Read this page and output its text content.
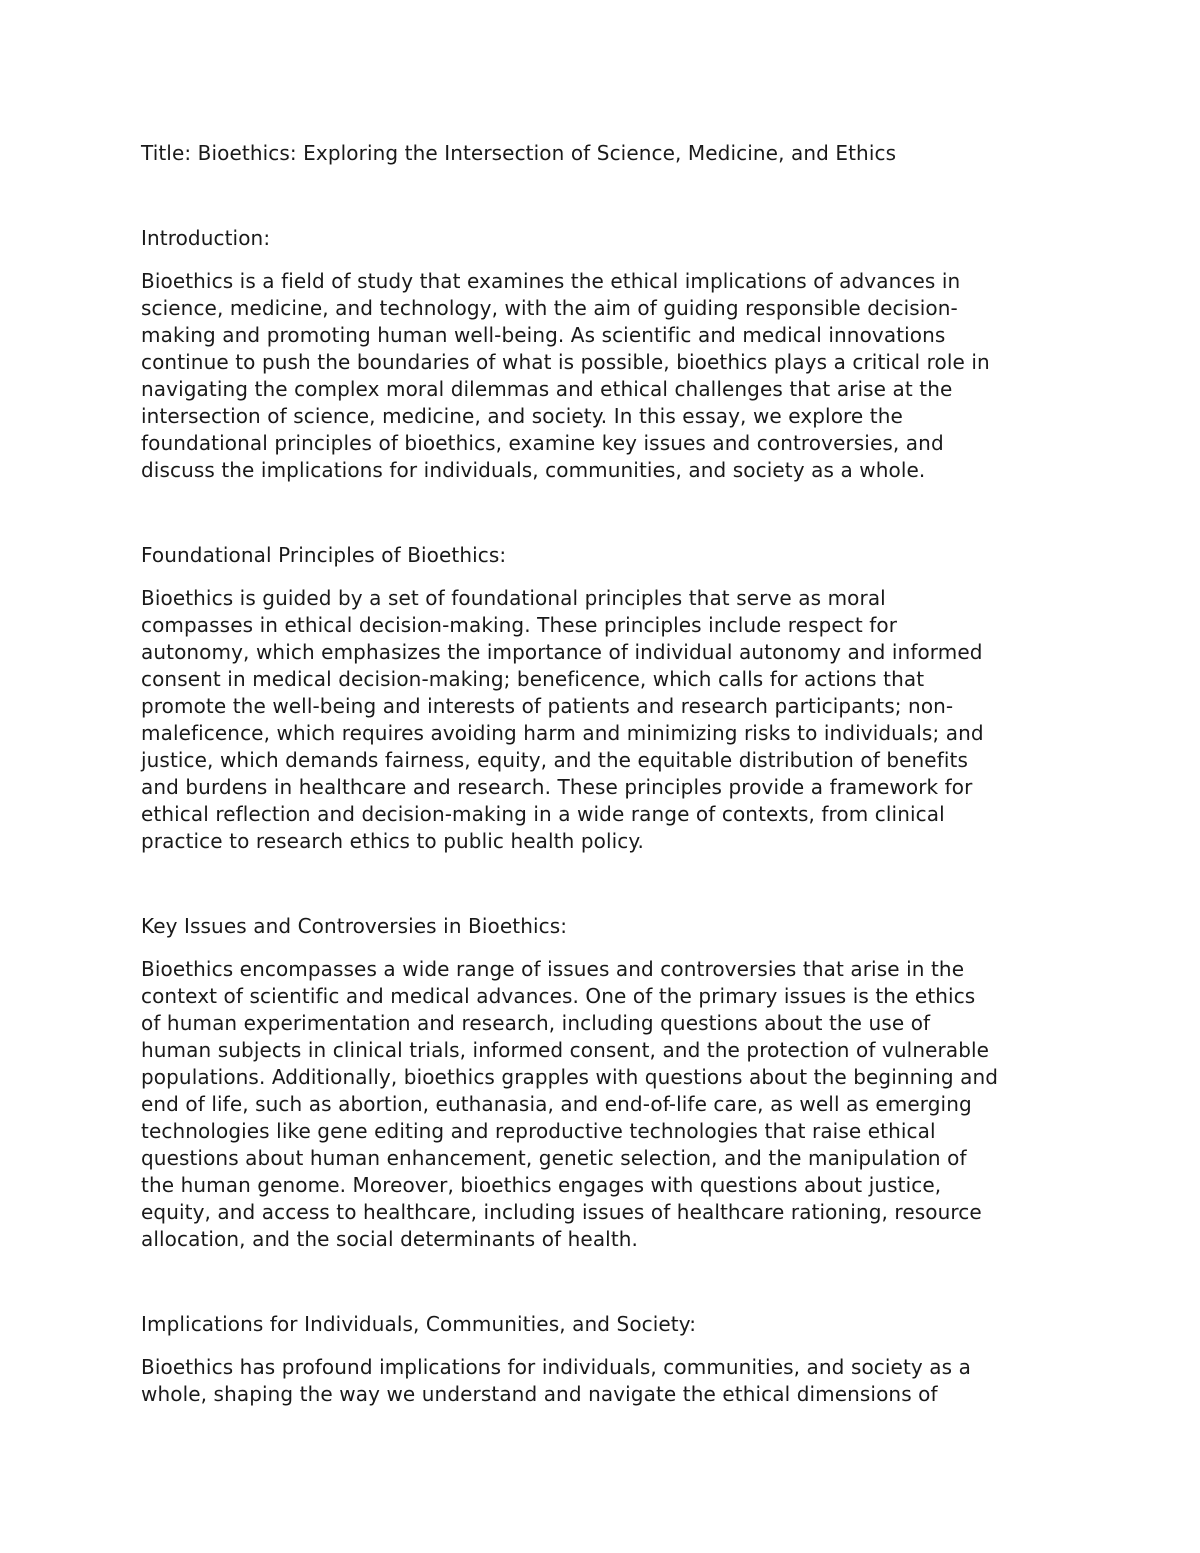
Title: Bioethics: Exploring the Intersection of Science, Medicine, and Ethics
Introduction:
Bioethics is a field of study that examines the ethical implications of advances in
science, medicine, and technology, with the aim of guiding responsible decision-
making and promoting human well-being. As scientific and medical innovations
continue to push the boundaries of what is possible, bioethics plays a critical role in
navigating the complex moral dilemmas and ethical challenges that arise at the
intersection of science, medicine, and society. In this essay, we explore the
foundational principles of bioethics, examine key issues and controversies, and
discuss the implications for individuals, communities, and society as a whole.
Foundational Principles of Bioethics:
Bioethics is guided by a set of foundational principles that serve as moral
compasses in ethical decision-making. These principles include respect for
autonomy, which emphasizes the importance of individual autonomy and informed
consent in medical decision-making; beneficence, which calls for actions that
promote the well-being and interests of patients and research participants; non-
maleficence, which requires avoiding harm and minimizing risks to individuals; and
justice, which demands fairness, equity, and the equitable distribution of benefits
and burdens in healthcare and research. These principles provide a framework for
ethical reflection and decision-making in a wide range of contexts, from clinical
practice to research ethics to public health policy.
Key Issues and Controversies in Bioethics:
Bioethics encompasses a wide range of issues and controversies that arise in the
context of scientific and medical advances. One of the primary issues is the ethics
of human experimentation and research, including questions about the use of
human subjects in clinical trials, informed consent, and the protection of vulnerable
populations. Additionally, bioethics grapples with questions about the beginning and
end of life, such as abortion, euthanasia, and end-of-life care, as well as emerging
technologies like gene editing and reproductive technologies that raise ethical
questions about human enhancement, genetic selection, and the manipulation of
the human genome. Moreover, bioethics engages with questions about justice,
equity, and access to healthcare, including issues of healthcare rationing, resource
allocation, and the social determinants of health.
Implications for Individuals, Communities, and Society:
Bioethics has profound implications for individuals, communities, and society as a
whole, shaping the way we understand and navigate the ethical dimensions of
